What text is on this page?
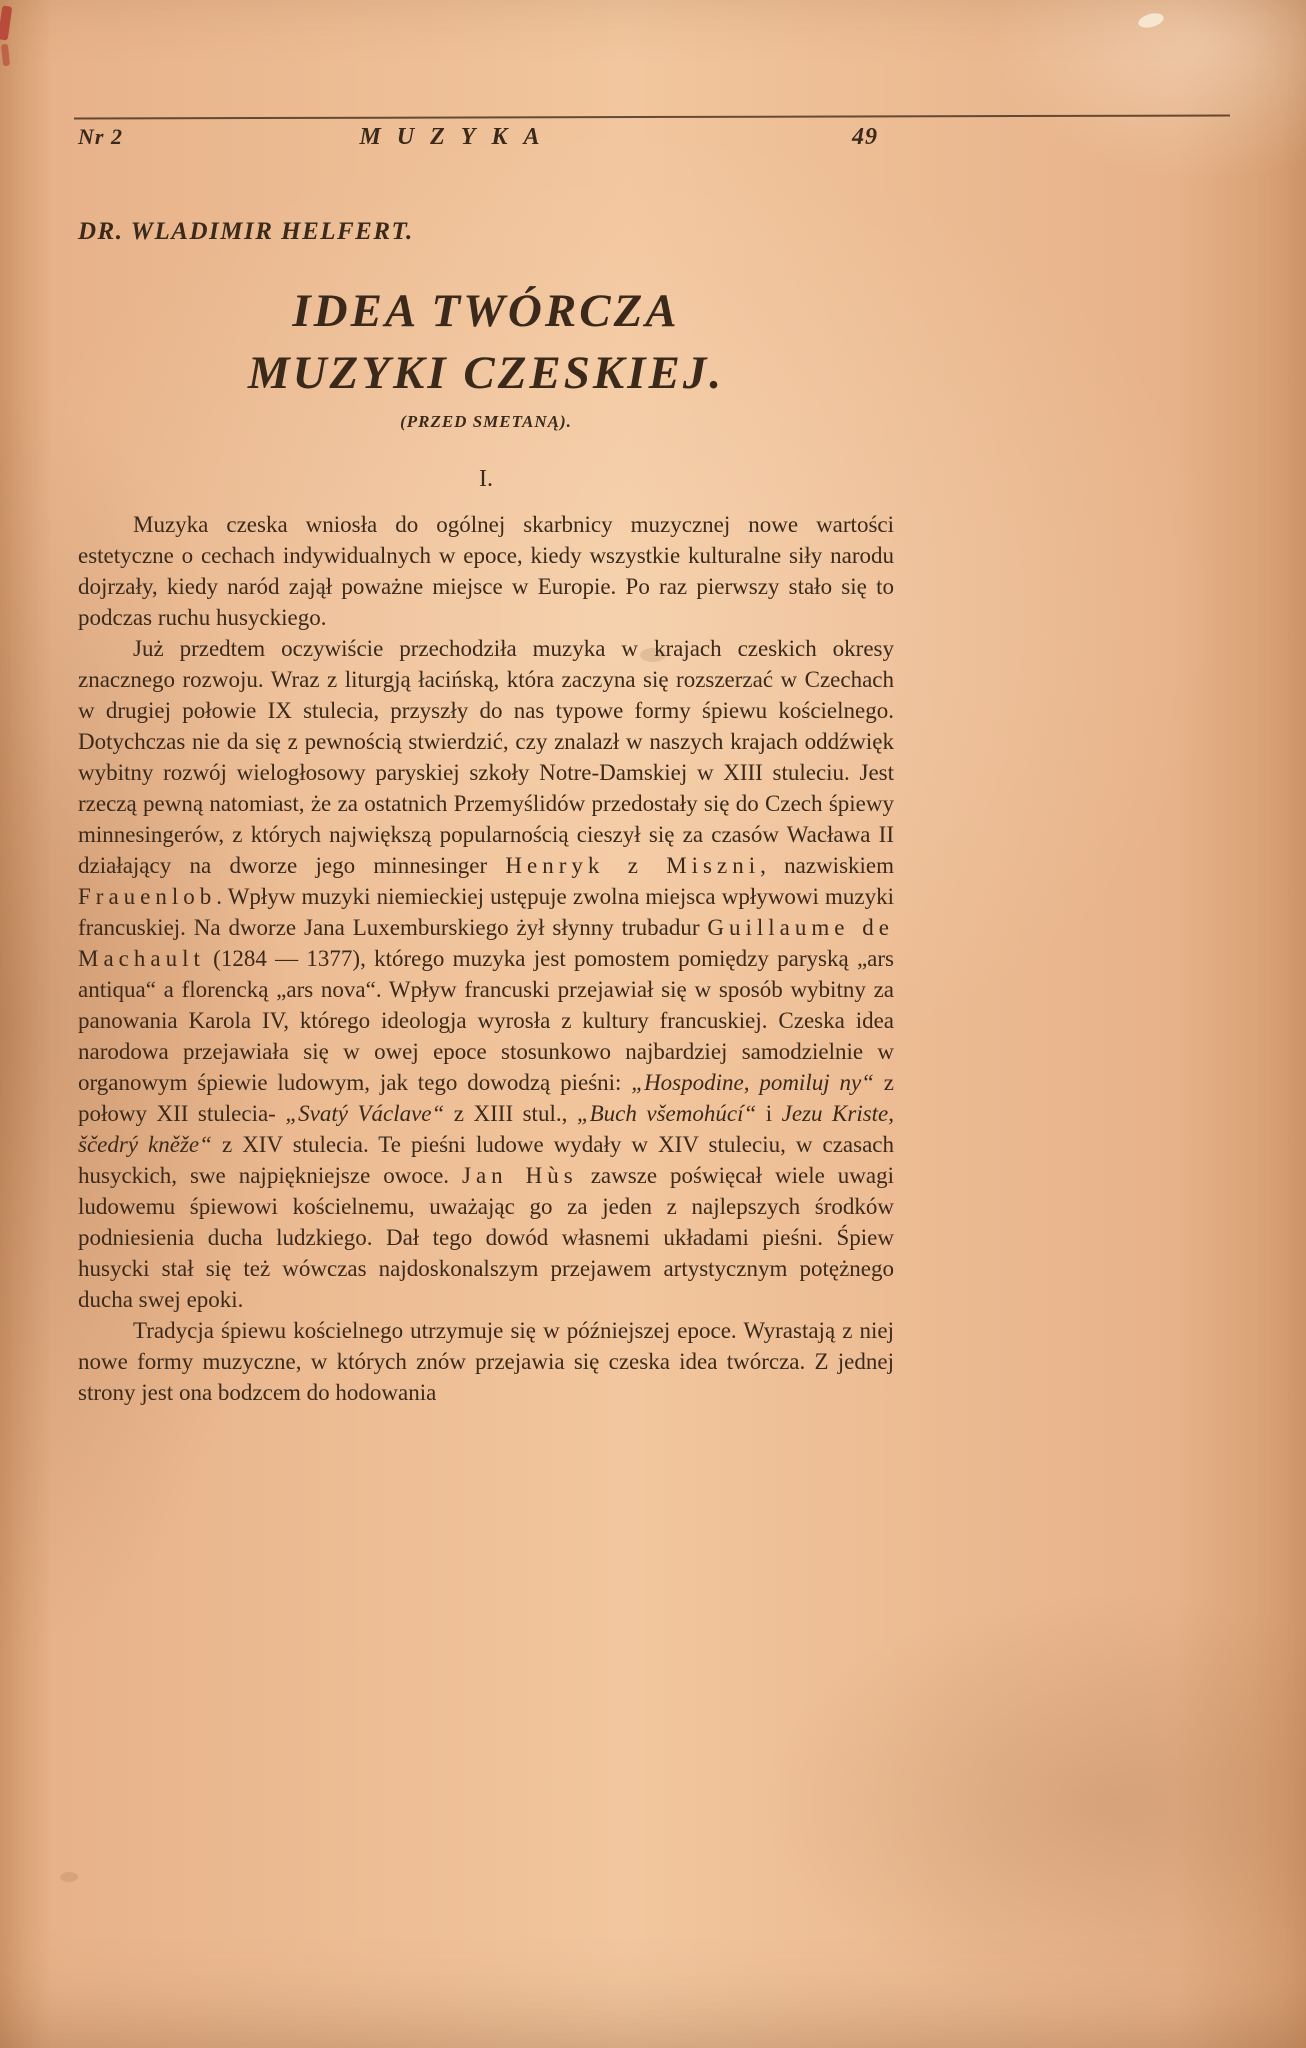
Nr 2	MUZYKA	49
DR. WLADIMIR HELFERT.
IDEA TWÓRCZA
MUZYKI CZESKIEJ.
(PRZED SMETANĄ).
I.

Muzyka czeska wniosła do ogólnej skarbnicy muzycznej nowe wartości estetyczne o cechach indywidualnych w epoce, kiedy wszystkie kulturalne siły narodu dojrzały, kiedy naród zajął poważne miejsce w Europie. Po raz pierwszy stało się to podczas ruchu husyckiego.

Już przedtem oczywiście przechodziła muzyka w krajach czeskich okresy znacznego rozwoju. Wraz z liturgją łacińską, która zaczyna się rozszerzać w Czechach w drugiej połowie IX stulecia, przyszły do nas typowe formy śpiewu kościelnego. Dotychczas nie da się z pewnością stwierdzić, czy znalazł w naszych krajach oddźwięk wybitny rozwój wielogłosowy paryskiej szkoły Notre-Damskiej w XIII stuleciu. Jest rzeczą pewną natomiast, że za ostatnich Przemyślidów przedostały się do Czech śpiewy minnesingerów, z których największą popularnością cieszył się za czasów Wacława II działający na dworze jego minnesinger Henryk z Miszni, nazwiskiem Frauenlob. Wpływ muzyki niemieckiej ustępuje zwolna miejsca wpływowi muzyki francuskiej. Na dworze Jana Luxemburskiego żył słynny trubadur Guillaume de Machault (1284 — 1377), którego muzyka jest pomostem pomiędzy paryską „ars antiqua“ a florencką „ars nova“. Wpływ francuski przejawiał się w sposób wybitny za panowania Karola IV, którego ideologja wyrosła z kultury francuskiej. Czeska idea narodowa przejawiała się w owej epoce stosunkowo najbardziej samodzielnie w organowym śpiewie ludowym, jak tego dowodzą pieśni: „Hospodine, pomiluj ny“ z połowy XII stulecia- „Svatý Václave“ z XIII stul., „Buch všemohúcí“ i Jezu Kriste, ščedrý kněže“ z XIV stulecia. Te pieśni ludowe wydały w XIV stuleciu, w czasach husyckich, swe najpiękniejsze owoce. Jan Hùs zawsze poświęcał wiele uwagi ludowemu śpiewowi kościelnemu, uważając go za jeden z najlepszych środków podniesienia ducha ludzkiego. Dał tego dowód własnemi układami pieśni. Śpiew husycki stał się też wówczas najdoskonalszym przejawem artystycznym potężnego ducha swej epoki.

Tradycja śpiewu kościelnego utrzymuje się w późniejszej epoce. Wyrastają z niej nowe formy muzyczne, w których znów przejawia się czeska idea twórcza. Z jednej strony jest ona bodzcem do hodowania
